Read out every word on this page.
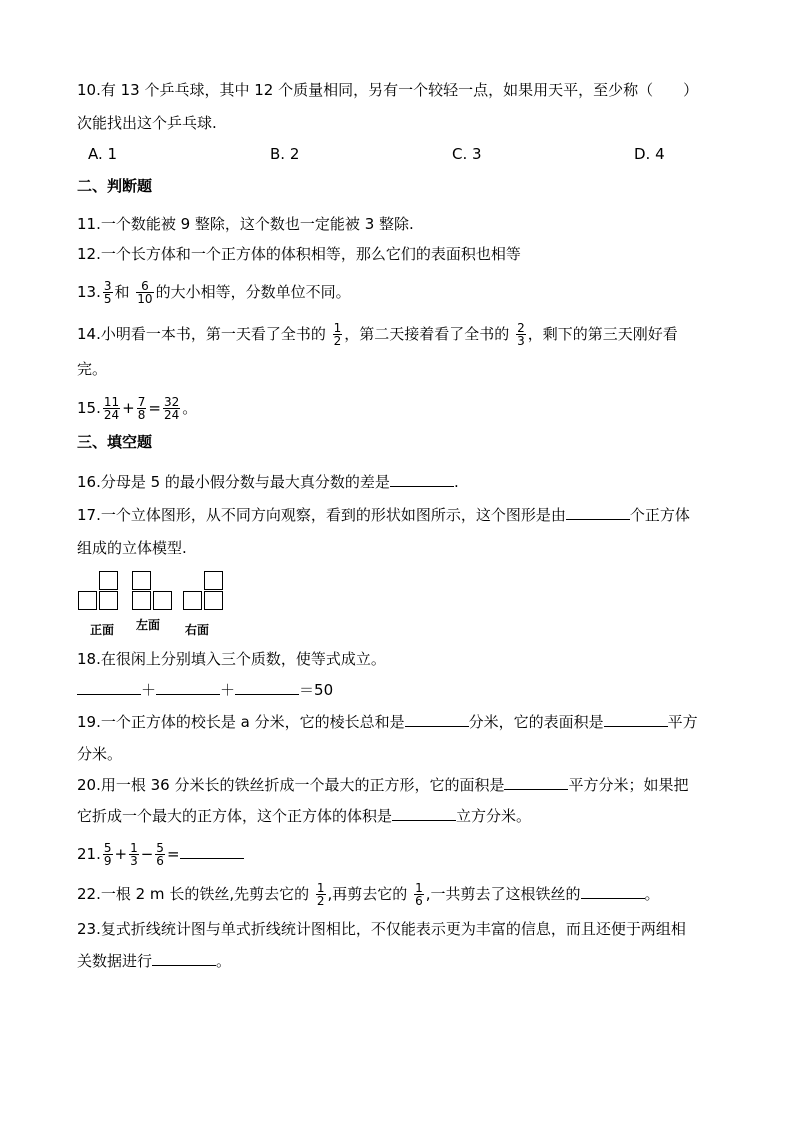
10.有 13 个乒乓球，其中 12 个质量相同，另有一个较轻一点，如果用天平，至少称（　　）
次能找出这个乒乓球.
A. 1	B. 2	C. 3	D. 4
二、判断题
11.一个数能被 9 整除，这个数也一定能被 3 整除.
12.一个长方体和一个正方体的体积相等，那么它们的表面积也相等
13. $\frac{3}{5}$ 和 $\frac{6}{10}$ 的大小相等，分数单位不同。
14.小明看一本书，第一天看了全书的 $\frac{1}{2}$ ，第二天接着看了全书的 $\frac{2}{3}$ ，剩下的第三天刚好看
完。
15. $\frac{11}{24} + \frac{7}{8} = \frac{32}{24}$ 。
三、填空题
16.分母是 5 的最小假分数与最大真分数的差是	.
17.一个立体图形，从不同方向观察，看到的形状如图所示，这个图形是由	个正方体
组成的立体模型.
正面 左面 右面
18.在很闲上分别填入三个质数，使等式成立。
＋	＋	＝50
19.一个正方体的校长是 a 分米，它的棱长总和是	分米，它的表面积是	平方
分米。
20.用一根 36 分米长的铁丝折成一个最大的正方形，它的面积是	平方分米；如果把
它折成一个最大的正方体，这个正方体的体积是	立方分米。
21. $\frac{5}{9} + \frac{1}{3} - \frac{5}{6}$ =
22.一根 2 m 长的铁丝,先剪去它的 $\frac{1}{2}$ ,再剪去它的 $\frac{1}{6}$ ,一共剪去了这根铁丝的	。
23.复式折线统计图与单式折线统计图相比，不仅能表示更为丰富的信息，而且还便于两组相
关数据进行	。
